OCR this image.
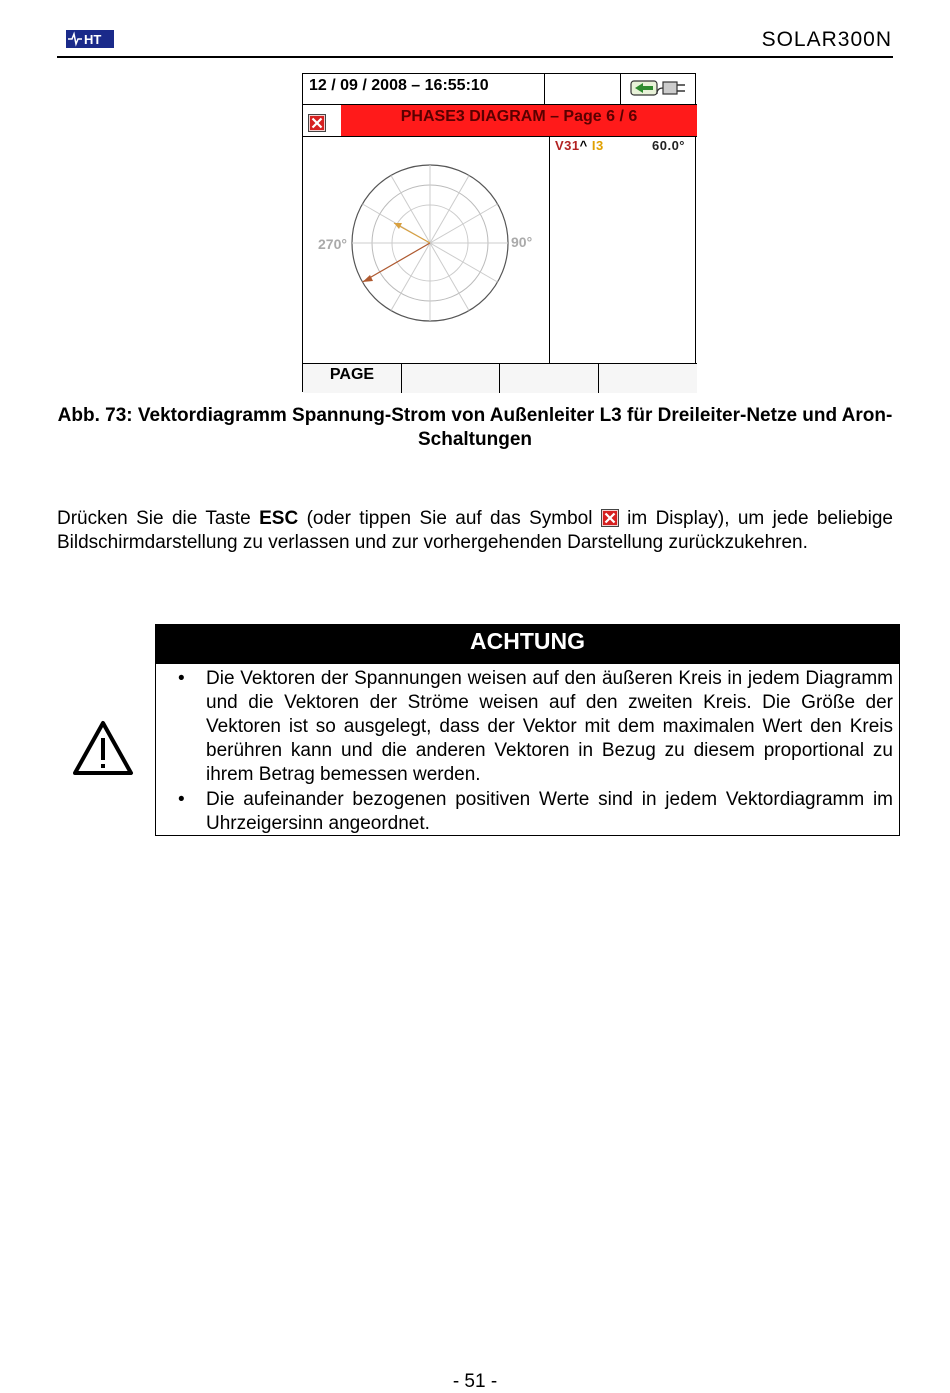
HT	SOLAR300N
12 / 09 / 2008 – 16:55:10
PHASE3 DIAGRAM – Page 6 / 6
270°	90°
V31^ I3	60.0°
PAGE
Abb. 73: Vektordiagramm Spannung-Strom von Außenleiter L3 für Dreileiter-Netze und Aron-Schaltungen
Drücken Sie die Taste ESC (oder tippen Sie auf das Symbol  im Display), um jede beliebige Bildschirmdarstellung zu verlassen und zur vorhergehenden Darstellung zurückzukehren.
ACHTUNG
• Die Vektoren der Spannungen weisen auf den äußeren Kreis in jedem Diagramm und die Vektoren der Ströme weisen auf den zweiten Kreis. Die Größe der Vektoren ist so ausgelegt, dass der Vektor mit dem maximalen Wert den Kreis berühren kann und die anderen Vektoren in Bezug zu diesem proportional zu ihrem Betrag bemessen werden.
• Die aufeinander bezogenen positiven Werte sind in jedem Vektordiagramm im Uhrzeigersinn angeordnet.
- 51 -
